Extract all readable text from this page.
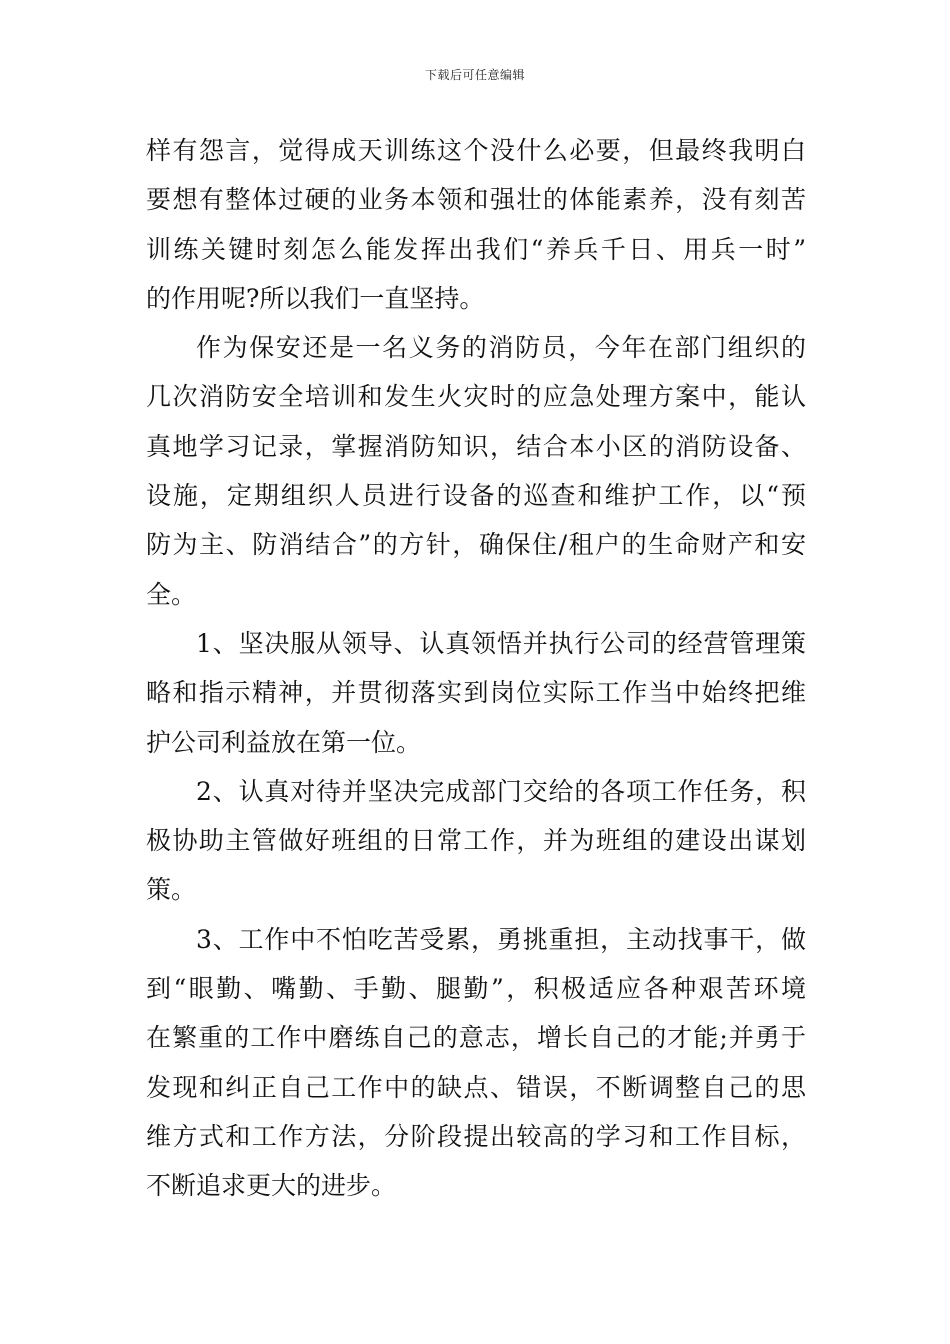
下载后可任意编辑
样有怨言，觉得成天训练这个没什么必要，但最终我明白
要想有整体过硬的业务本领和强壮的体能素养，没有刻苦
训练关键时刻怎么能发挥出我们“养兵千日、用兵一时”
的作用呢?所以我们一直坚持。
作为保安还是一名义务的消防员，今年在部门组织的
几次消防安全培训和发生火灾时的应急处理方案中，能认
真地学习记录，掌握消防知识，结合本小区的消防设备、
设施，定期组织人员进行设备的巡查和维护工作，以“预
防为主、防消结合”的方针，确保住/租户的生命财产和安
全。
1、坚决服从领导、认真领悟并执行公司的经营管理策
略和指示精神，并贯彻落实到岗位实际工作当中始终把维
护公司利益放在第一位。
2、认真对待并坚决完成部门交给的各项工作任务，积
极协助主管做好班组的日常工作，并为班组的建设出谋划
策。
3、工作中不怕吃苦受累，勇挑重担，主动找事干，做
到“眼勤、嘴勤、手勤、腿勤”，积极适应各种艰苦环境
在繁重的工作中磨练自己的意志，增长自己的才能;并勇于
发现和纠正自己工作中的缺点、错误，不断调整自己的思
维方式和工作方法，分阶段提出较高的学习和工作目标，
不断追求更大的进步。
